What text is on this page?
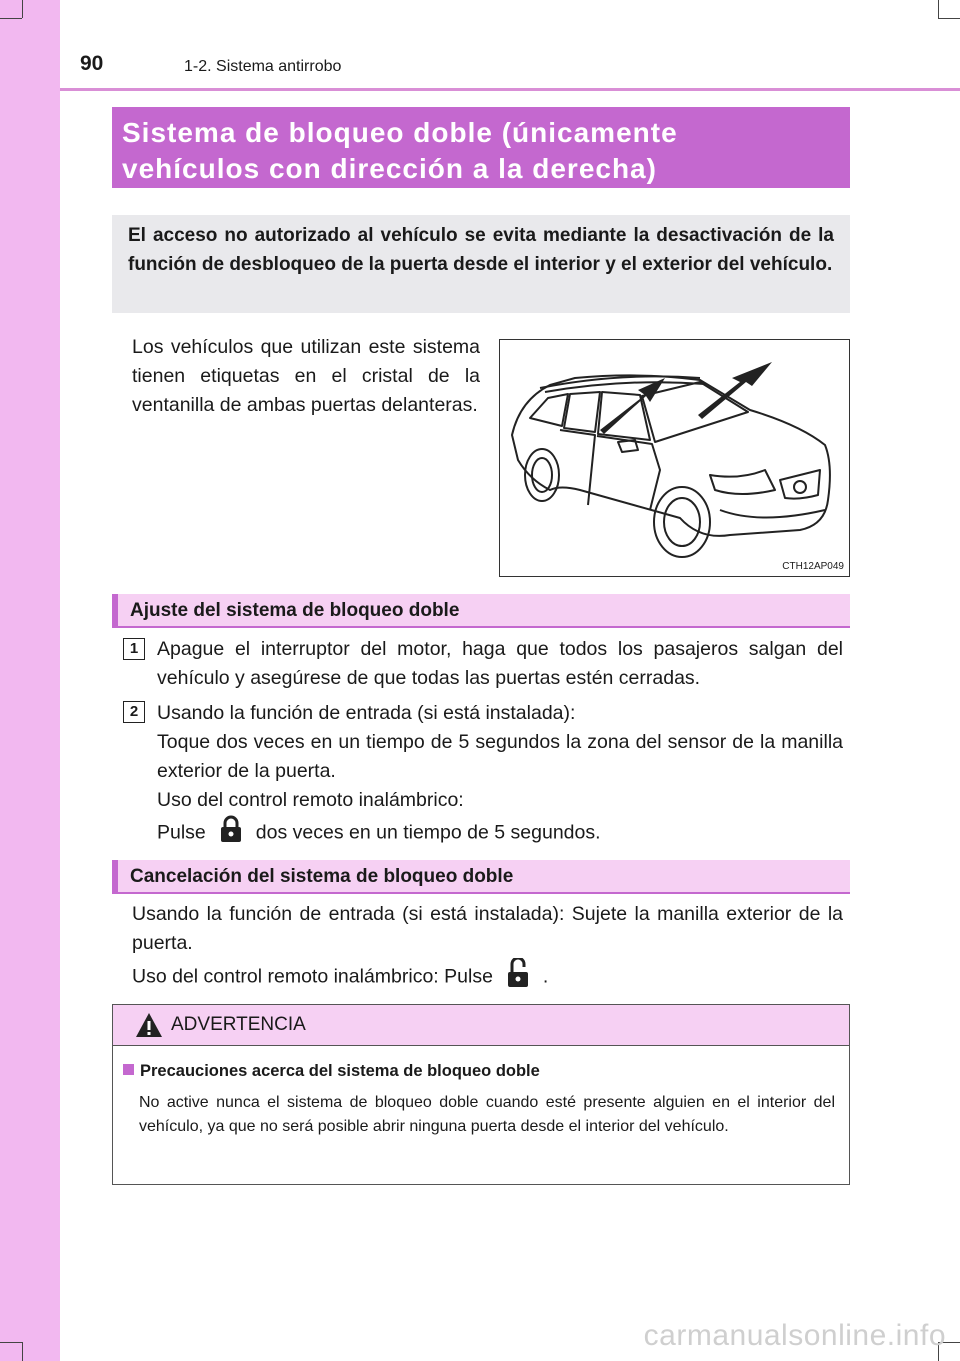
90	1-2. Sistema antirrobo
Sistema de bloqueo doble (únicamente
vehículos con dirección a la derecha)
El acceso no autorizado al vehículo se evita mediante la desactivación de la función de desbloqueo de la puerta desde el interior y el exterior del vehículo.
Los vehículos que utilizan este sistema tienen etiquetas en el cristal de la ventanilla de ambas puertas delanteras.
CTH12AP049
Ajuste del sistema de bloqueo doble
1 Apague el interruptor del motor, haga que todos los pasajeros salgan del vehículo y asegúrese de que todas las puertas estén cerradas.
2 Usando la función de entrada (si está instalada):
Toque dos veces en un tiempo de 5 segundos la zona del sensor de la manilla exterior de la puerta.
Uso del control remoto inalámbrico:
Pulse	dos veces en un tiempo de 5 segundos.
Cancelación del sistema de bloqueo doble
Usando la función de entrada (si está instalada): Sujete la manilla exterior de la puerta.
Uso del control remoto inalámbrico: Pulse	.
ADVERTENCIA
Precauciones acerca del sistema de bloqueo doble
No active nunca el sistema de bloqueo doble cuando esté presente alguien en el interior del vehículo, ya que no será posible abrir ninguna puerta desde el interior del vehículo.
carmanualsonline.info
